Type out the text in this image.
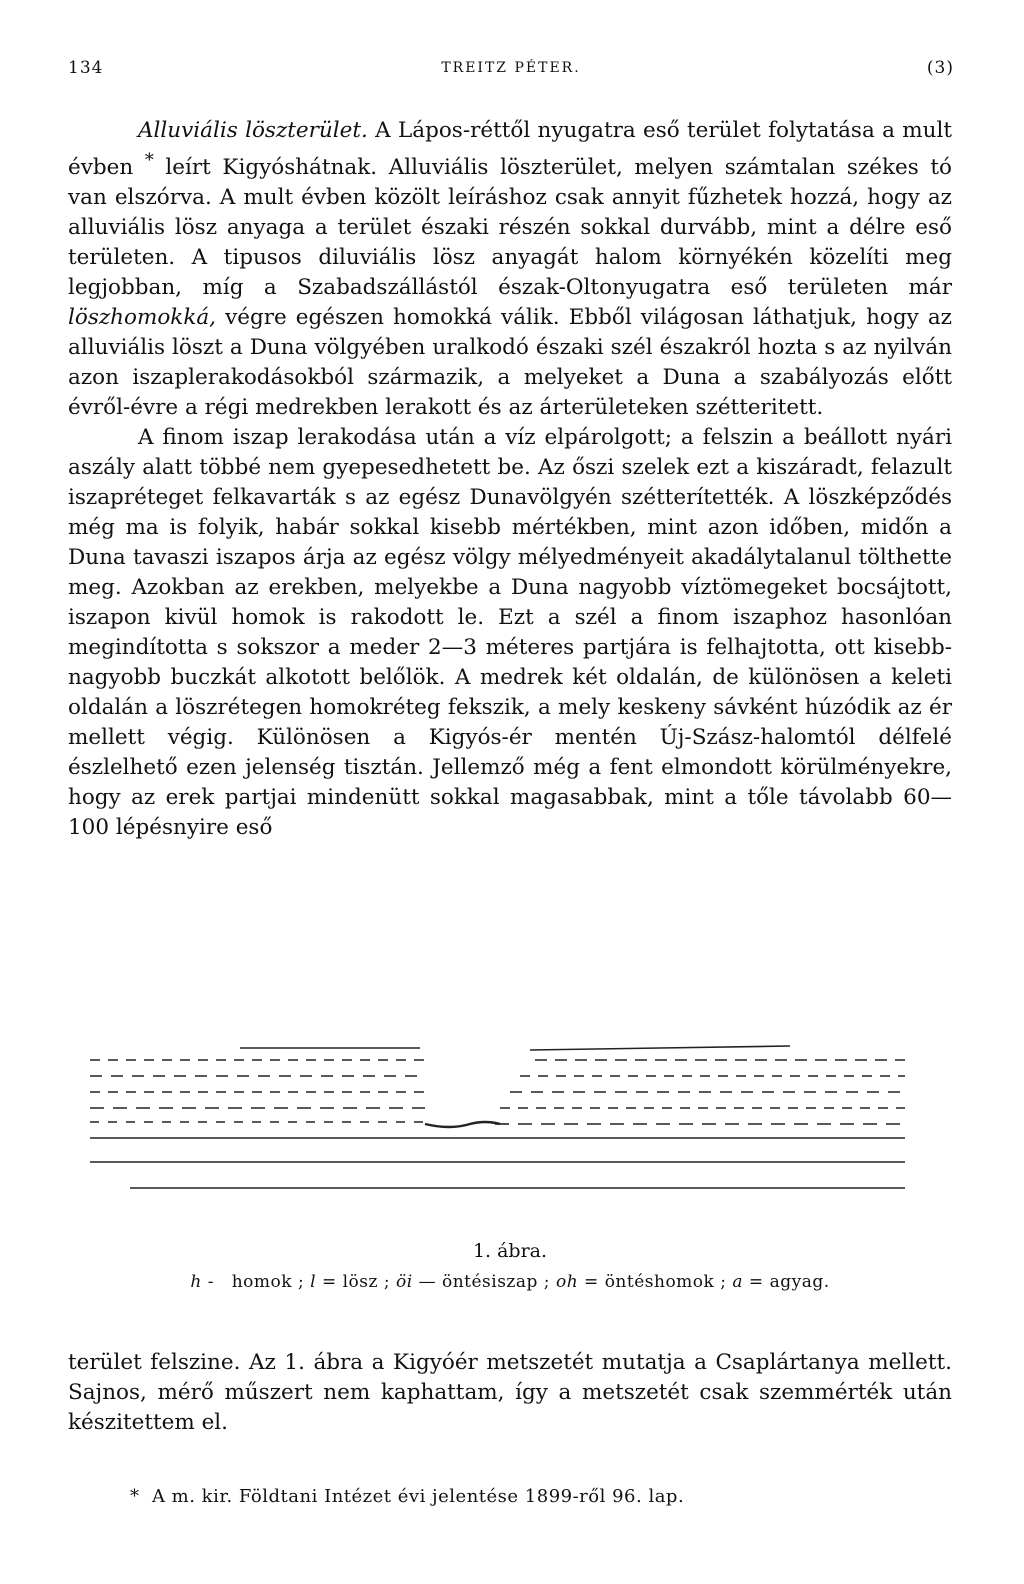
134	TREITZ PÉTER.	(3)

Alluviális löszterület. A Lápos-réttől nyugatra eső terület folytatása a mult évben * leírt Kigyóshátnak. Alluviális löszterület, melyen számtalan székes tó van elszórva. A mult évben közölt leíráshoz csak annyit fűzhetek hozzá, hogy az alluviális lösz anyaga a terület északi részén sokkal durvább, mint a délre eső területen. A tipusos diluviális lösz anyagát halom környékén közelíti meg legjobban, míg a Szabadszállástól észak-Oltonyugatra eső területen már löszhomokká, végre egészen homokká válik. Ebből világosan láthatjuk, hogy az alluviális löszt a Duna völgyében uralkodó északi szél északról hozta s az nyilván azon iszaplerakodásokból származik, a melyeket a Duna a szabályozás előtt évről-évre a régi medrekben lerakott és az árterületeken szétteritett.

A finom iszap lerakodása után a víz elpárolgott; a felszin a beállott nyári aszály alatt többé nem gyepesedhetett be. Az őszi szelek ezt a kiszáradt, felazult iszapréteget felkavarták s az egész Dunavölgyén szétterítették. A löszképződés még ma is folyik, habár sokkal kisebb mértékben, mint azon időben, midőn a Duna tavaszi iszapos árja az egész völgy mélyedményeit akadálytalanul tölthette meg. Azokban az erekben, melyekbe a Duna nagyobb víztömegeket bocsájtott, iszapon kivül homok is rakodott le. Ezt a szél a finom iszaphoz hasonlóan megindította s sokszor a meder 2—3 méteres partjára is felhajtotta, ott kisebb-nagyobb buczkát alkotott belőlök. A medrek két oldalán, de különösen a keleti oldalán a löszrétegen homokréteg fekszik, a mely keskeny sávként húzódik az ér mellett végig. Különösen a Kigyós-ér mentén Új-Szász-halomtól délfelé észlelhető ezen jelenség tisztán. Jellemző még a fent elmondott körülményekre, hogy az erek partjai mindenütt sokkal magasabbak, mint a tőle távolabb 60—100 lépésnyire eső

1. ábra.
h - homok ; l = lösz ; öi — öntésiszap ; oh = öntéshomok ; a = agyag.

terület felszine. Az 1. ábra a Kigyóér metszetét mutatja a Csaplártanya mellett. Sajnos, mérő műszert nem kaphattam, így a metszetét csak szemmérték után készitettem el.

* A m. kir. Földtani Intézet évi jelentése 1899-ről 96. lap.
